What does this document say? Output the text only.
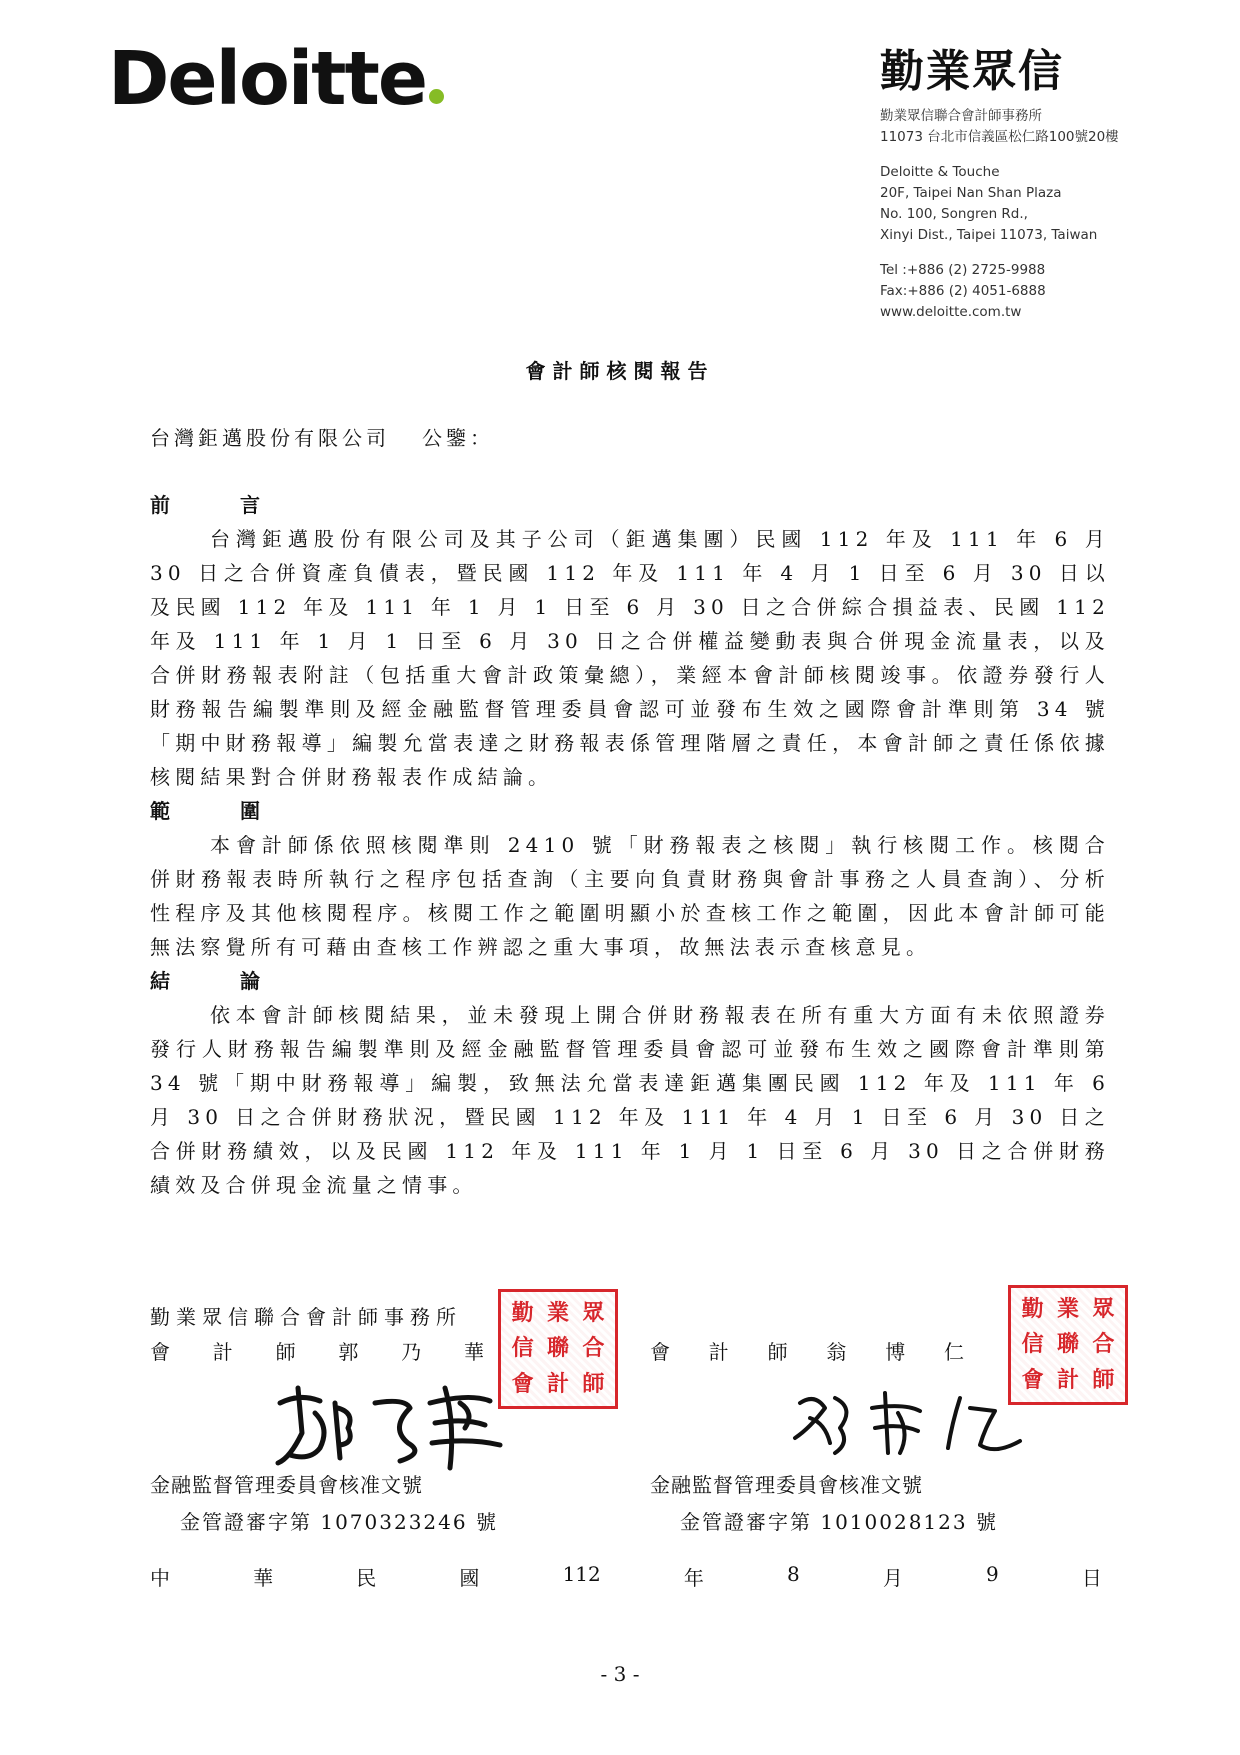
Deloitte	勤業眾信
勤業眾信聯合會計師事務所
11073 台北市信義區松仁路100號20樓
Deloitte & Touche
20F, Taipei Nan Shan Plaza
No. 100, Songren Rd.,
Xinyi Dist., Taipei 11073, Taiwan
Tel :+886 (2) 2725-9988
Fax:+886 (2) 4051-6888
www.deloitte.com.tw
會計師核閱報告
台灣鉅邁股份有限公司 公鑒：
前	言

台灣鉅邁股份有限公司及其子公司（鉅邁集團）民國 112 年及 111 年 6 月 30 日之合併資產負債表，暨民國 112 年及 111 年 4 月 1 日至 6 月 30 日以及民國 112 年及 111 年 1 月 1 日至 6 月 30 日之合併綜合損益表、民國 112 年及 111 年 1 月 1 日至 6 月 30 日之合併權益變動表與合併現金流量表，以及合併財務報表附註（包括重大會計政策彙總），業經本會計師核閱竣事。依證券發行人財務報告編製準則及經金融監督管理委員會認可並發布生效之國際會計準則第 34 號「期中財務報導」編製允當表達之財務報表係管理階層之責任，本會計師之責任係依據核閱結果對合併財務報表作成結論。

範	圍

本會計師係依照核閱準則 2410 號「財務報表之核閱」執行核閱工作。核閱合併財務報表時所執行之程序包括查詢（主要向負責財務與會計事務之人員查詢）、分析性程序及其他核閱程序。核閱工作之範圍明顯小於查核工作之範圍，因此本會計師可能無法察覺所有可藉由查核工作辨認之重大事項，故無法表示查核意見。

結	論

依本會計師核閱結果，並未發現上開合併財務報表在所有重大方面有未依照證券發行人財務報告編製準則及經金融監督管理委員會認可並發布生效之國際會計準則第 34 號「期中財務報導」編製，致無法允當表達鉅邁集團民國 112 年及 111 年 6 月 30 日之合併財務狀況，暨民國 112 年及 111 年 4 月 1 日至 6 月 30 日之合併財務績效，以及民國 112 年及 111 年 1 月 1 日至 6 月 30 日之合併財務績效及合併現金流量之情事。

勤業眾信聯合會計師事務所
會 計 師 郭 乃 華	會 計 師 翁 博 仁
勤 業 眾
信 聯 合
會 計 師
勤 業 眾
信 聯 合
會 計 師
金融監督管理委員會核准文號
金管證審字第 1070323246 號
金融監督管理委員會核准文號
金管證審字第 1010028123 號
中	華	民	國	112	年	8	月	9	日
- 3 -
